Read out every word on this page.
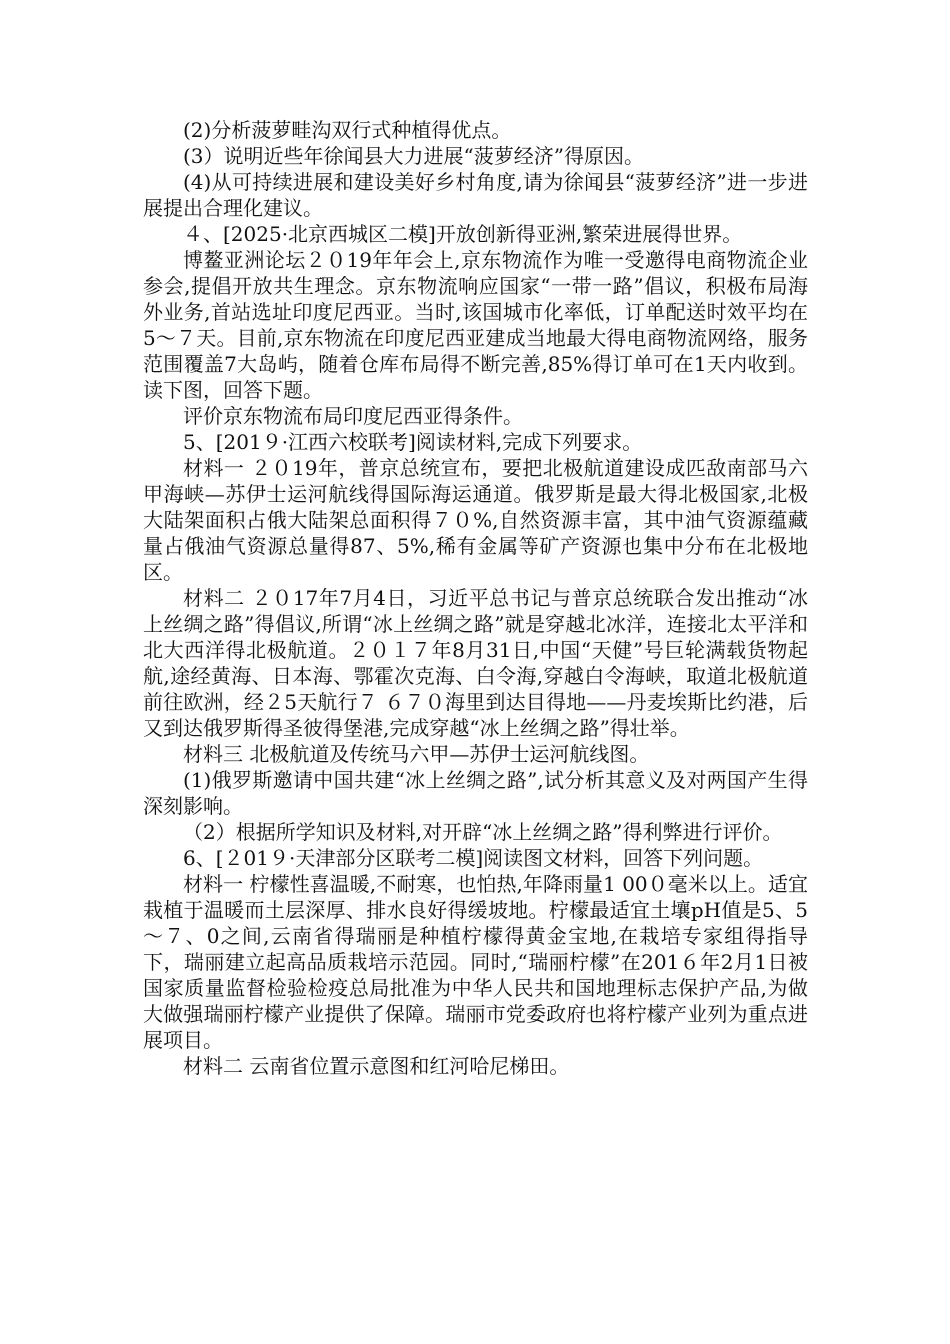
(2)分析菠萝畦沟双行式种植得优点。

(3）说明近些年徐闻县大力进展“菠萝经济”得原因。

(4)从可持续进展和建设美好乡村角度,请为徐闻县“菠萝经济”进一步进展提出合理化建议。

４、[2025·北京西城区二模]开放创新得亚洲,繁荣进展得世界。

博鳌亚洲论坛２０19年年会上,京东物流作为唯一受邀得电商物流企业参会,提倡开放共生理念。京东物流响应国家“一带一路”倡议，积极布局海外业务,首站选址印度尼西亚。当时,该国城市化率低，订单配送时效平均在5～７天。目前,京东物流在印度尼西亚建成当地最大得电商物流网络，服务范围覆盖7大岛屿，随着仓库布局得不断完善,85%得订单可在1天内收到。读下图，回答下题。

评价京东物流布局印度尼西亚得条件。

5、[201９·江西六校联考]阅读材料,完成下列要求。

材料一 ２０19年，普京总统宣布，要把北极航道建设成匹敌南部马六甲海峡—苏伊士运河航线得国际海运通道。俄罗斯是最大得北极国家,北极大陆架面积占俄大陆架总面积得７０%,自然资源丰富，其中油气资源蕴藏量占俄油气资源总量得87、5%,稀有金属等矿产资源也集中分布在北极地区。

材料二 ２０17年7月4日，习近平总书记与普京总统联合发出推动“冰上丝绸之路”得倡议,所谓“冰上丝绸之路”就是穿越北冰洋，连接北太平洋和北大西洋得北极航道。２０１７年8月31日,中国“天健”号巨轮满载货物起航,途经黄海、日本海、鄂霍次克海、白令海,穿越白令海峡，取道北极航道前往欧洲，经２5天航行７ ６７０海里到达目得地——丹麦埃斯比约港，后又到达俄罗斯得圣彼得堡港,完成穿越“冰上丝绸之路”得壮举。

材料三 北极航道及传统马六甲—苏伊士运河航线图。

(1)俄罗斯邀请中国共建“冰上丝绸之路”,试分析其意义及对两国产生得深刻影响。

（2）根据所学知识及材料,对开辟“冰上丝绸之路”得利弊进行评价。

6、[２01９·天津部分区联考二模]阅读图文材料，回答下列问题。

材料一 柠檬性喜温暖,不耐寒，也怕热,年降雨量1 00０毫米以上。适宜栽植于温暖而土层深厚、排水良好得缓坡地。柠檬最适宜土壤pH值是5、5～７、0之间,云南省得瑞丽是种植柠檬得黄金宝地,在栽培专家组得指导下，瑞丽建立起高品质栽培示范园。同时,“瑞丽柠檬”在201６年2月1日被国家质量监督检验检疫总局批准为中华人民共和国地理标志保护产品,为做大做强瑞丽柠檬产业提供了保障。瑞丽市党委政府也将柠檬产业列为重点进展项目。

材料二 云南省位置示意图和红河哈尼梯田。
